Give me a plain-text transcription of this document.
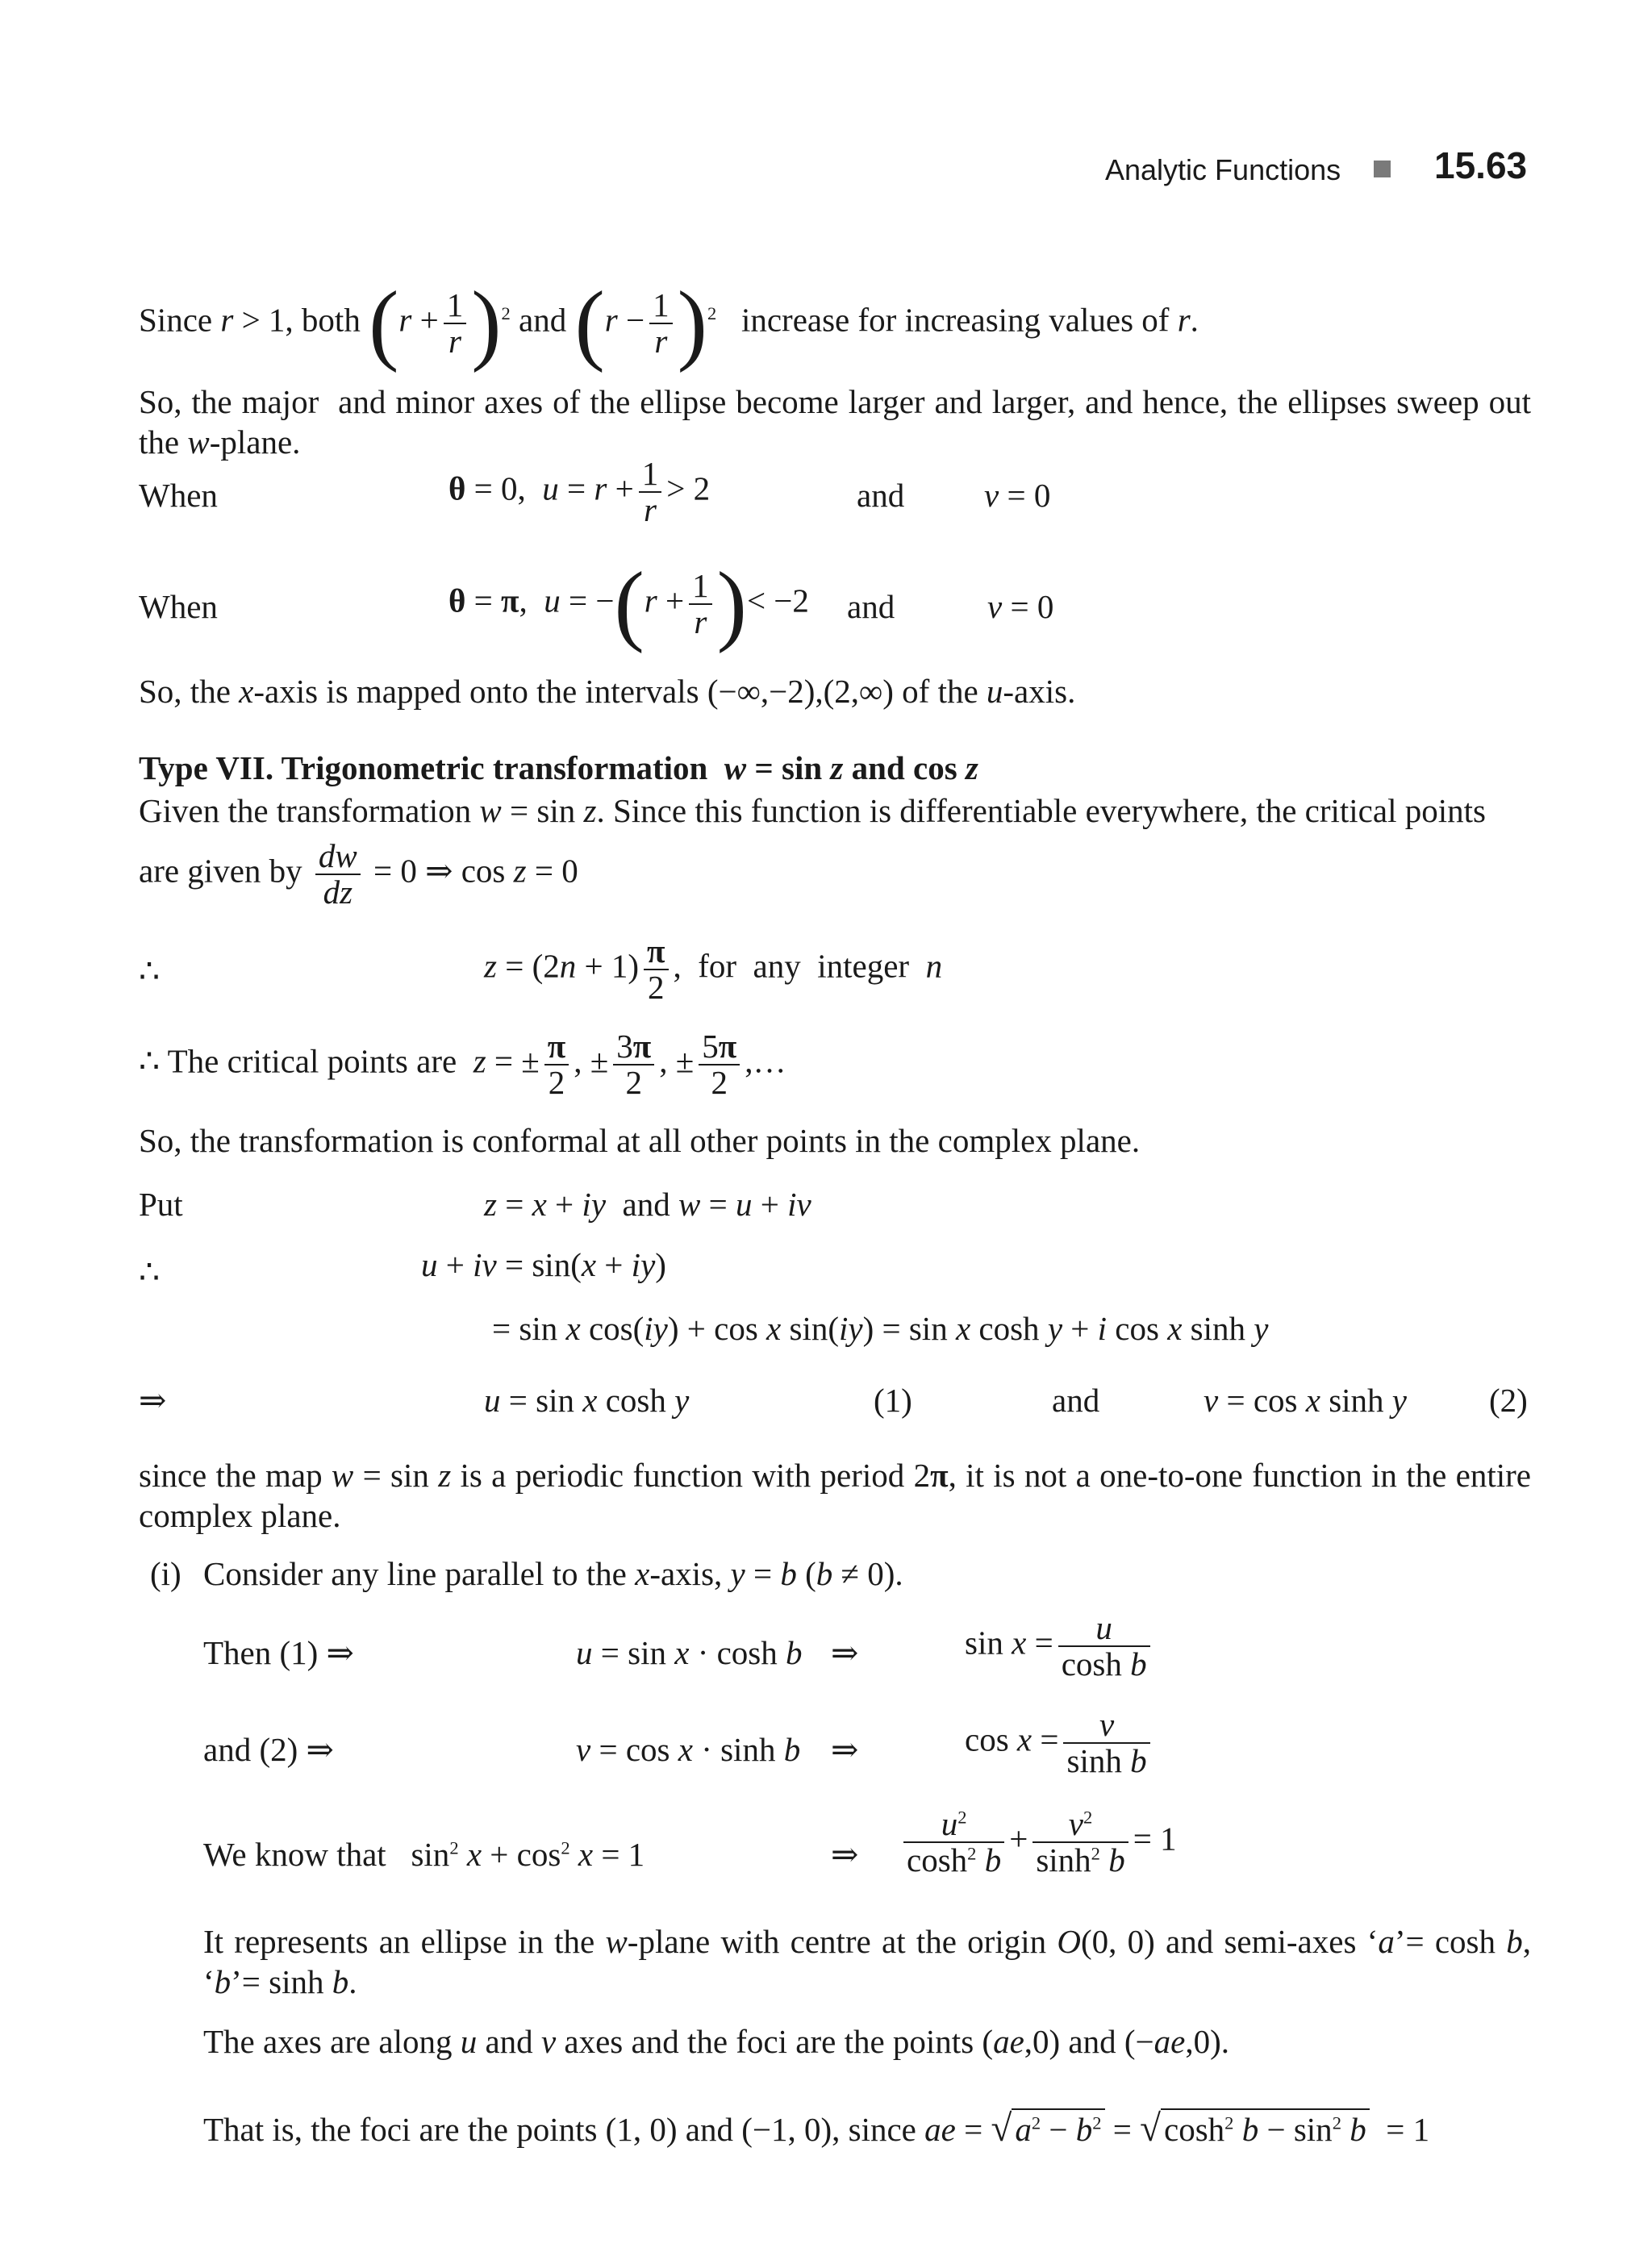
Analytic Functions	15.63
Since r > 1, both $(r + \frac{1}{r} )^2$ and $(r - \frac{1}{r} )^2$ increase for increasing values of r.
So, the major  and minor axes of the ellipse become larger and larger, and hence, the ellipses sweep out the w-plane.
When	θ = 0,  $u = r + \frac{1}{r} > 2$	and v = 0
When	θ = π,  $u = -(r + \frac{1}{r}$ )< −2 and	v = 0
So, the x-axis is mapped onto the intervals (−∞,−2),(2,∞) of the u-axis.
Type VII. Trigonometric transformation w = sin z and cos z
Given the transformation w = sin z. Since this function is differentiable everywhere, the critical points
are given by $\frac{dw}{dz} = 0$ ⇒ cos z = 0
∴	$z = (2n + 1) \frac{\pi}{2}$ ,  for  any  integer  n
∴ The critical points are  z = ± $\frac{\pi}{2}$ , ± $\frac{3\pi}{2}$ , ± $\frac{5\pi}{2}$ ,…
So, the transformation is conformal at all other points in the complex plane.
Put	z = x + iy  and w = u + iv
∴	u + iv = sin(x + iy)
= sin x cos(iy) + cos x sin(iy) = sin x cosh y + i cos x sinh y
⇒	u = sin x cosh y	(1)	and	v = cos x sinh y (2)
since the map w = sin z is a periodic function with period 2π, it is not a one-to-one function in the entire complex plane.
(i) Consider any line parallel to the x-axis, y = b (b ≠ 0).
Then (1) ⇒	u = sin x · cosh b ⇒	$\sin x = \frac{u}{\text{cosh b}}$
and (2) ⇒	v = cos x · sinh b ⇒	$\cos x = \frac{v}{\text{sinh b}}$
We know that   $\sin^2 x + \cos^2 x = 1$	⇒ $\frac{u^2}{\cosh^2 b} + \frac{v^2}{\sinh^2 b} = 1$
It represents an ellipse in the w-plane with centre at the origin O(0, 0) and semi-axes ‘a’= cosh b, ‘b’= sinh b.
The axes are along u and v axes and the foci are the points (ae,0) and (−ae,0).
That is, the foci are the points (1, 0) and (−1, 0), since ae = $√a^2 - b^2 = √\cosh^2$ $b - \sin^2 b = 1$
